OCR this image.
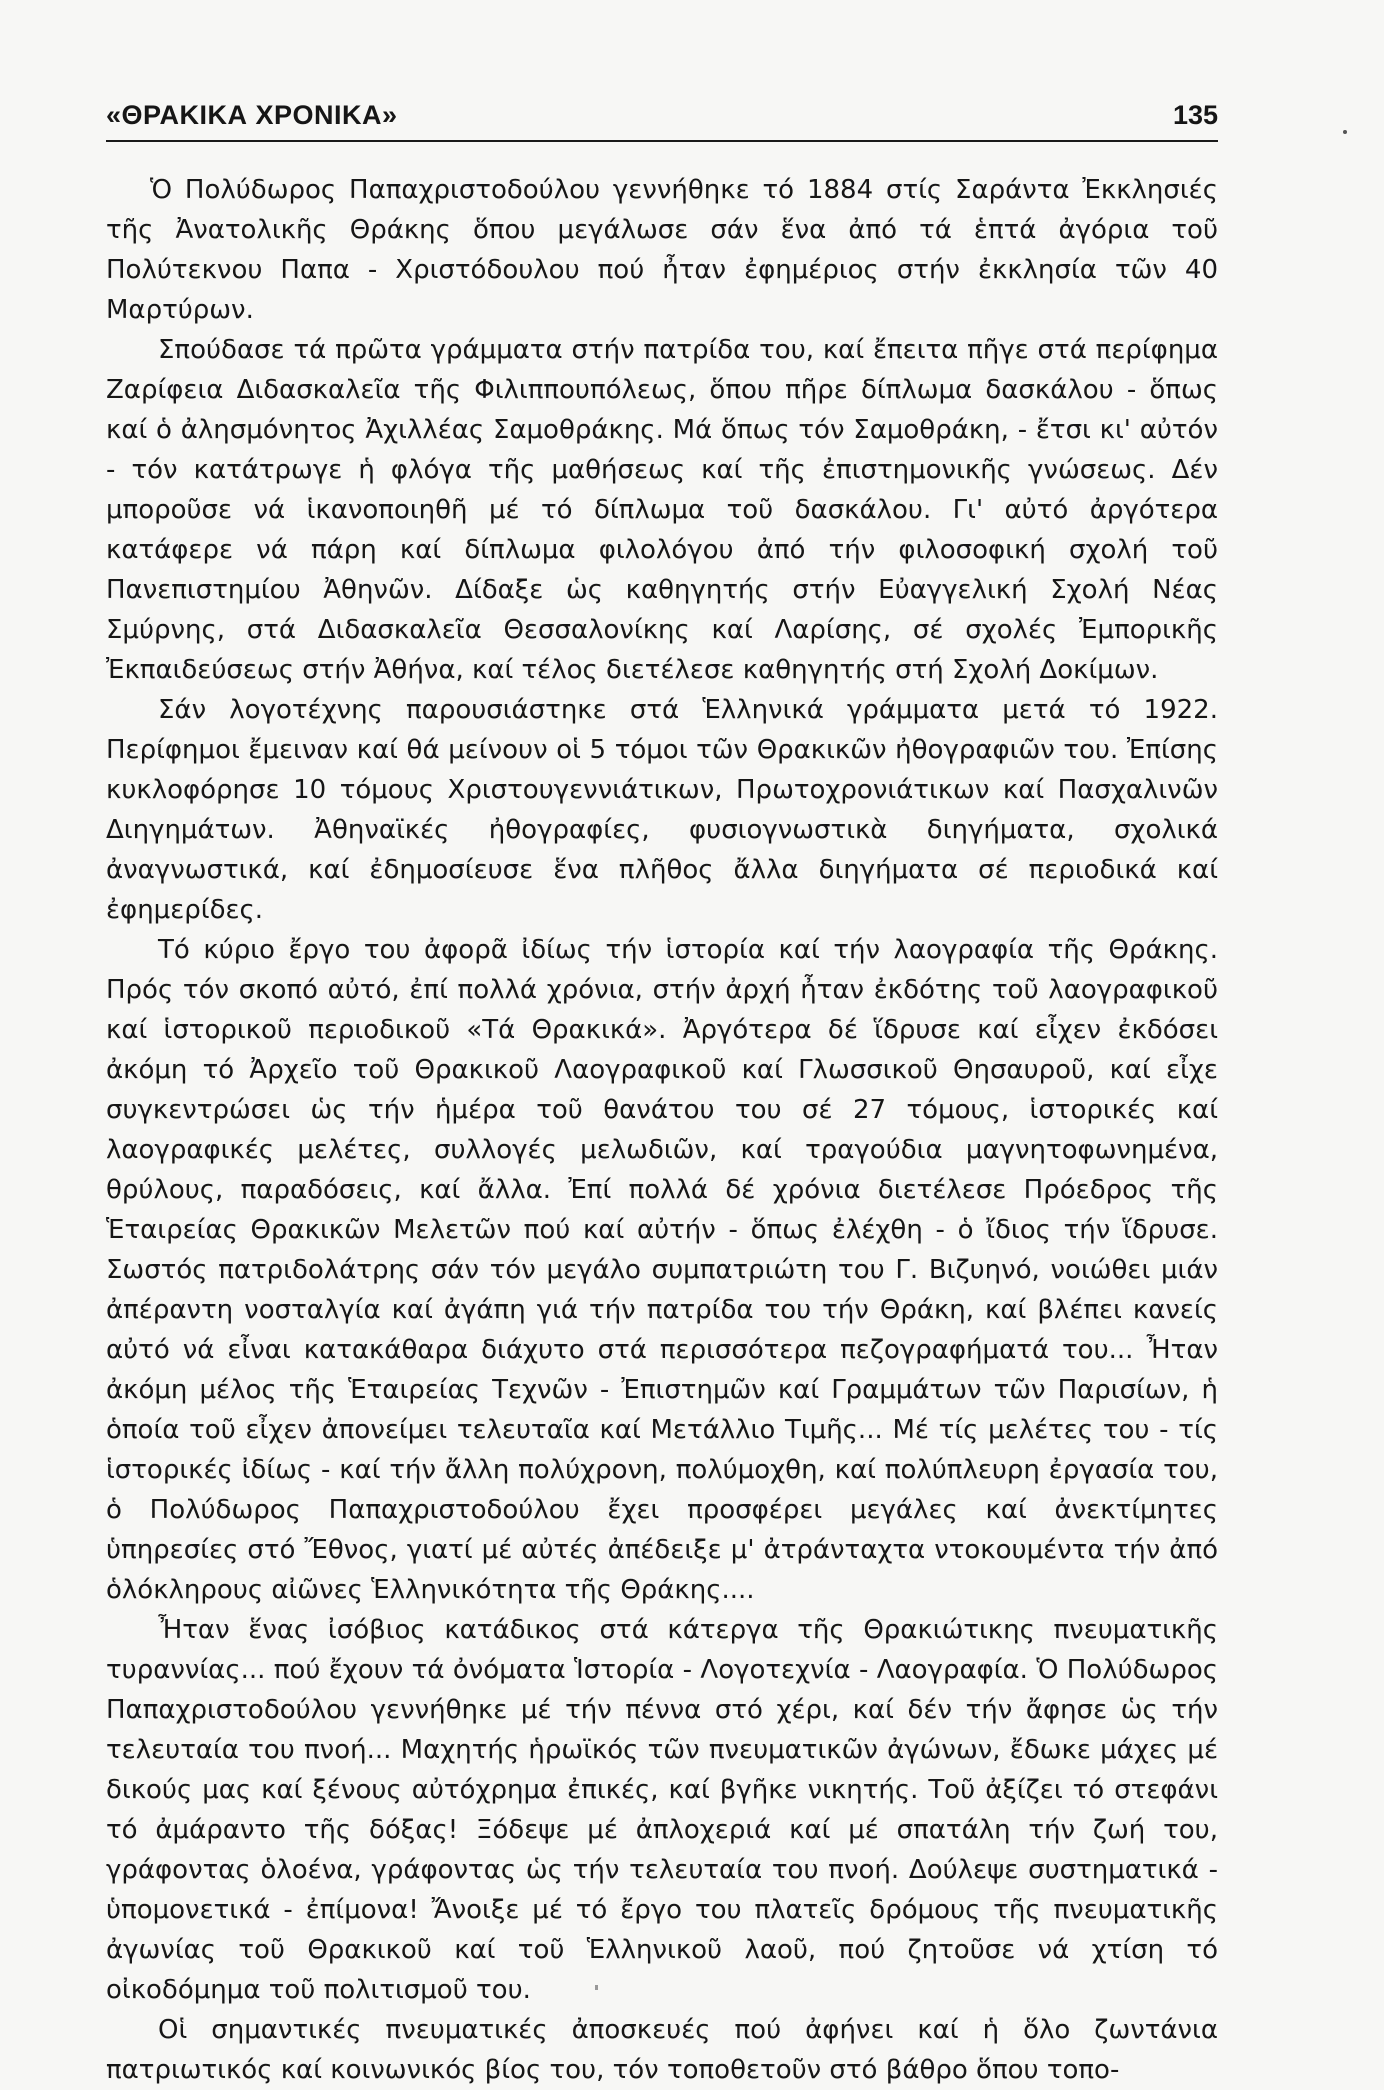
«ΘΡΑΚΙΚΑ ΧΡΟΝΙΚΑ»	135

Ὁ Πολύδωρος Παπαχριστοδούλου γεννήθηκε τό 1884 στίς Σαράντα Ἐκκλησιές τῆς Ἀνατολικῆς Θράκης ὅπου μεγάλωσε σάν ἕνα ἀπό τά ἑπτά ἀγόρια τοῦ Πολύτεκνου Παπα - Χριστόδουλου πού ἦταν ἐφημέριος στήν ἐκκλησία τῶν 40 Μαρτύρων.

Σπούδασε τά πρῶτα γράμματα στήν πατρίδα του, καί ἔπειτα πῆγε στά περίφημα Ζαρίφεια Διδασκαλεῖα τῆς Φιλιππουπόλεως, ὅπου πῆρε δίπλωμα δασκάλου - ὅπως καί ὁ ἀλησμόνητος Ἀχιλλέας Σαμοθράκης. Μά ὅπως τόν Σαμοθράκη, - ἔτσι κι' αὐτόν - τόν κατάτρωγε ἡ φλόγα τῆς μαθήσεως καί τῆς ἐπιστημονικῆς γνώσεως. Δέν μποροῦσε νά ἱκανοποιηθῆ μέ τό δίπλωμα τοῦ δασκάλου. Γι' αὐτό ἀργότερα κατάφερε νά πάρη καί δίπλωμα φιλολόγου ἀπό τήν φιλοσοφική σχολή τοῦ Πανεπιστημίου Ἀθηνῶν. Δίδαξε ὡς καθηγητής στήν Εὐαγγελική Σχολή Νέας Σμύρνης, στά Διδασκαλεῖα Θεσσαλονίκης καί Λαρίσης, σέ σχολές Ἐμπορικῆς Ἐκπαιδεύσεως στήν Ἀθήνα, καί τέλος διετέλεσε καθηγητής στή Σχολή Δοκίμων.

Σάν λογοτέχνης παρουσιάστηκε στά Ἑλληνικά γράμματα μετά τό 1922. Περίφημοι ἔμειναν καί θά μείνουν οἱ 5 τόμοι τῶν Θρακικῶν ἠθογραφιῶν του. Ἐπίσης κυκλοφόρησε 10 τόμους Χριστουγεννιάτικων, Πρωτοχρονιάτικων καί Πασχαλινῶν Διηγημάτων. Ἀθηναϊκές ἠθογραφίες, φυσιογνωστικὰ διηγήματα, σχολικά ἀναγνωστικά, καί ἐδημοσίευσε ἕνα πλῆθος ἄλλα διηγήματα σέ περιοδικά καί ἐφημερίδες.

Τό κύριο ἔργο του ἀφορᾶ ἰδίως τήν ἱστορία καί τήν λαογραφία τῆς Θράκης. Πρός τόν σκοπό αὐτό, ἐπί πολλά χρόνια, στήν ἀρχή ἦταν ἐκδότης τοῦ λαογραφικοῦ καί ἱστορικοῦ περιοδικοῦ «Τά Θρακικά». Ἀργότερα δέ ἵδρυσε καί εἶχεν ἐκδόσει ἀκόμη τό Ἀρχεῖο τοῦ Θρακικοῦ Λαογραφικοῦ καί Γλωσσικοῦ Θησαυροῦ, καί εἶχε συγκεντρώσει ὡς τήν ἡμέρα τοῦ θανάτου του σέ 27 τόμους, ἱστορικές καί λαογραφικές μελέτες, συλλογές μελωδιῶν, καί τραγούδια μαγνητοφωνημένα, θρύλους, παραδόσεις, καί ἄλλα. Ἐπί πολλά δέ χρόνια διετέλεσε Πρόεδρος τῆς Ἑταιρείας Θρακικῶν Μελετῶν πού καί αὐτήν - ὅπως ἐλέχθη - ὁ ἴδιος τήν ἵδρυσε. Σωστός πατριδολάτρης σάν τόν μεγάλο συμπατριώτη του Γ. Βιζυηνό, νοιώθει μιάν ἀπέραντη νοσταλγία καί ἀγάπη γιά τήν πατρίδα του τήν Θράκη, καί βλέπει κανείς αὐτό νά εἶναι κατακάθαρα διάχυτο στά περισσότερα πεζογραφήματά του... Ἦταν ἀκόμη μέλος τῆς Ἑταιρείας Τεχνῶν - Ἐπιστημῶν καί Γραμμάτων τῶν Παρισίων, ἡ ὁποία τοῦ εἶχεν ἀπονείμει τελευταῖα καί Μετάλλιο Τιμῆς... Μέ τίς μελέτες του - τίς ἱστορικές ἰδίως - καί τήν ἄλλη πολύχρονη, πολύμοχθη, καί πολύπλευρη ἐργασία του, ὁ Πολύδωρος Παπαχριστοδούλου ἔχει προσφέρει μεγάλες καί ἀνεκτίμητες ὑπηρεσίες στό Ἔθνος, γιατί μέ αὐτές ἀπέδειξε μ' ἀτράνταχτα ντοκουμέντα τήν ἀπό ὁλόκληρους αἰῶνες Ἑλληνικότητα τῆς Θράκης....

Ἦταν ἕνας ἰσόβιος κατάδικος στά κάτεργα τῆς Θρακιώτικης πνευματικῆς τυραννίας... πού ἔχουν τά ὀνόματα Ἱστορία - Λογοτεχνία - Λαογραφία. Ὁ Πολύδωρος Παπαχριστοδούλου γεννήθηκε μέ τήν πέννα στό χέρι, καί δέν τήν ἄφησε ὡς τήν τελευταία του πνοή... Μαχητής ἡρωϊκός τῶν πνευματικῶν ἀγώνων, ἔδωκε μάχες μέ δικούς μας καί ξένους αὐτόχρημα ἐπικές, καί βγῆκε νικητής. Τοῦ ἀξίζει τό στεφάνι τό ἀμάραντο τῆς δόξας! Ξόδεψε μέ ἀπλοχεριά καί μέ σπατάλη τήν ζωή του, γράφοντας ὁλοένα, γράφοντας ὡς τήν τελευταία του πνοή. Δούλεψε συστηματικά - ὑπομονετικά - ἐπίμονα! Ἄνοιξε μέ τό ἔργο του πλατεῖς δρόμους τῆς πνευματικῆς ἀγωνίας τοῦ Θρακικοῦ καί τοῦ Ἑλληνικοῦ λαοῦ, πού ζητοῦσε νά χτίση τό οἰκοδόμημα τοῦ πολιτισμοῦ του.

Οἱ σημαντικές πνευματικές ἀποσκευές πού ἀφήνει καί ἡ ὅλο ζωντάνια πατριωτικός καί κοινωνικός βίος του, τόν τοποθετοῦν στό βάθρο ὅπου τοπο-
